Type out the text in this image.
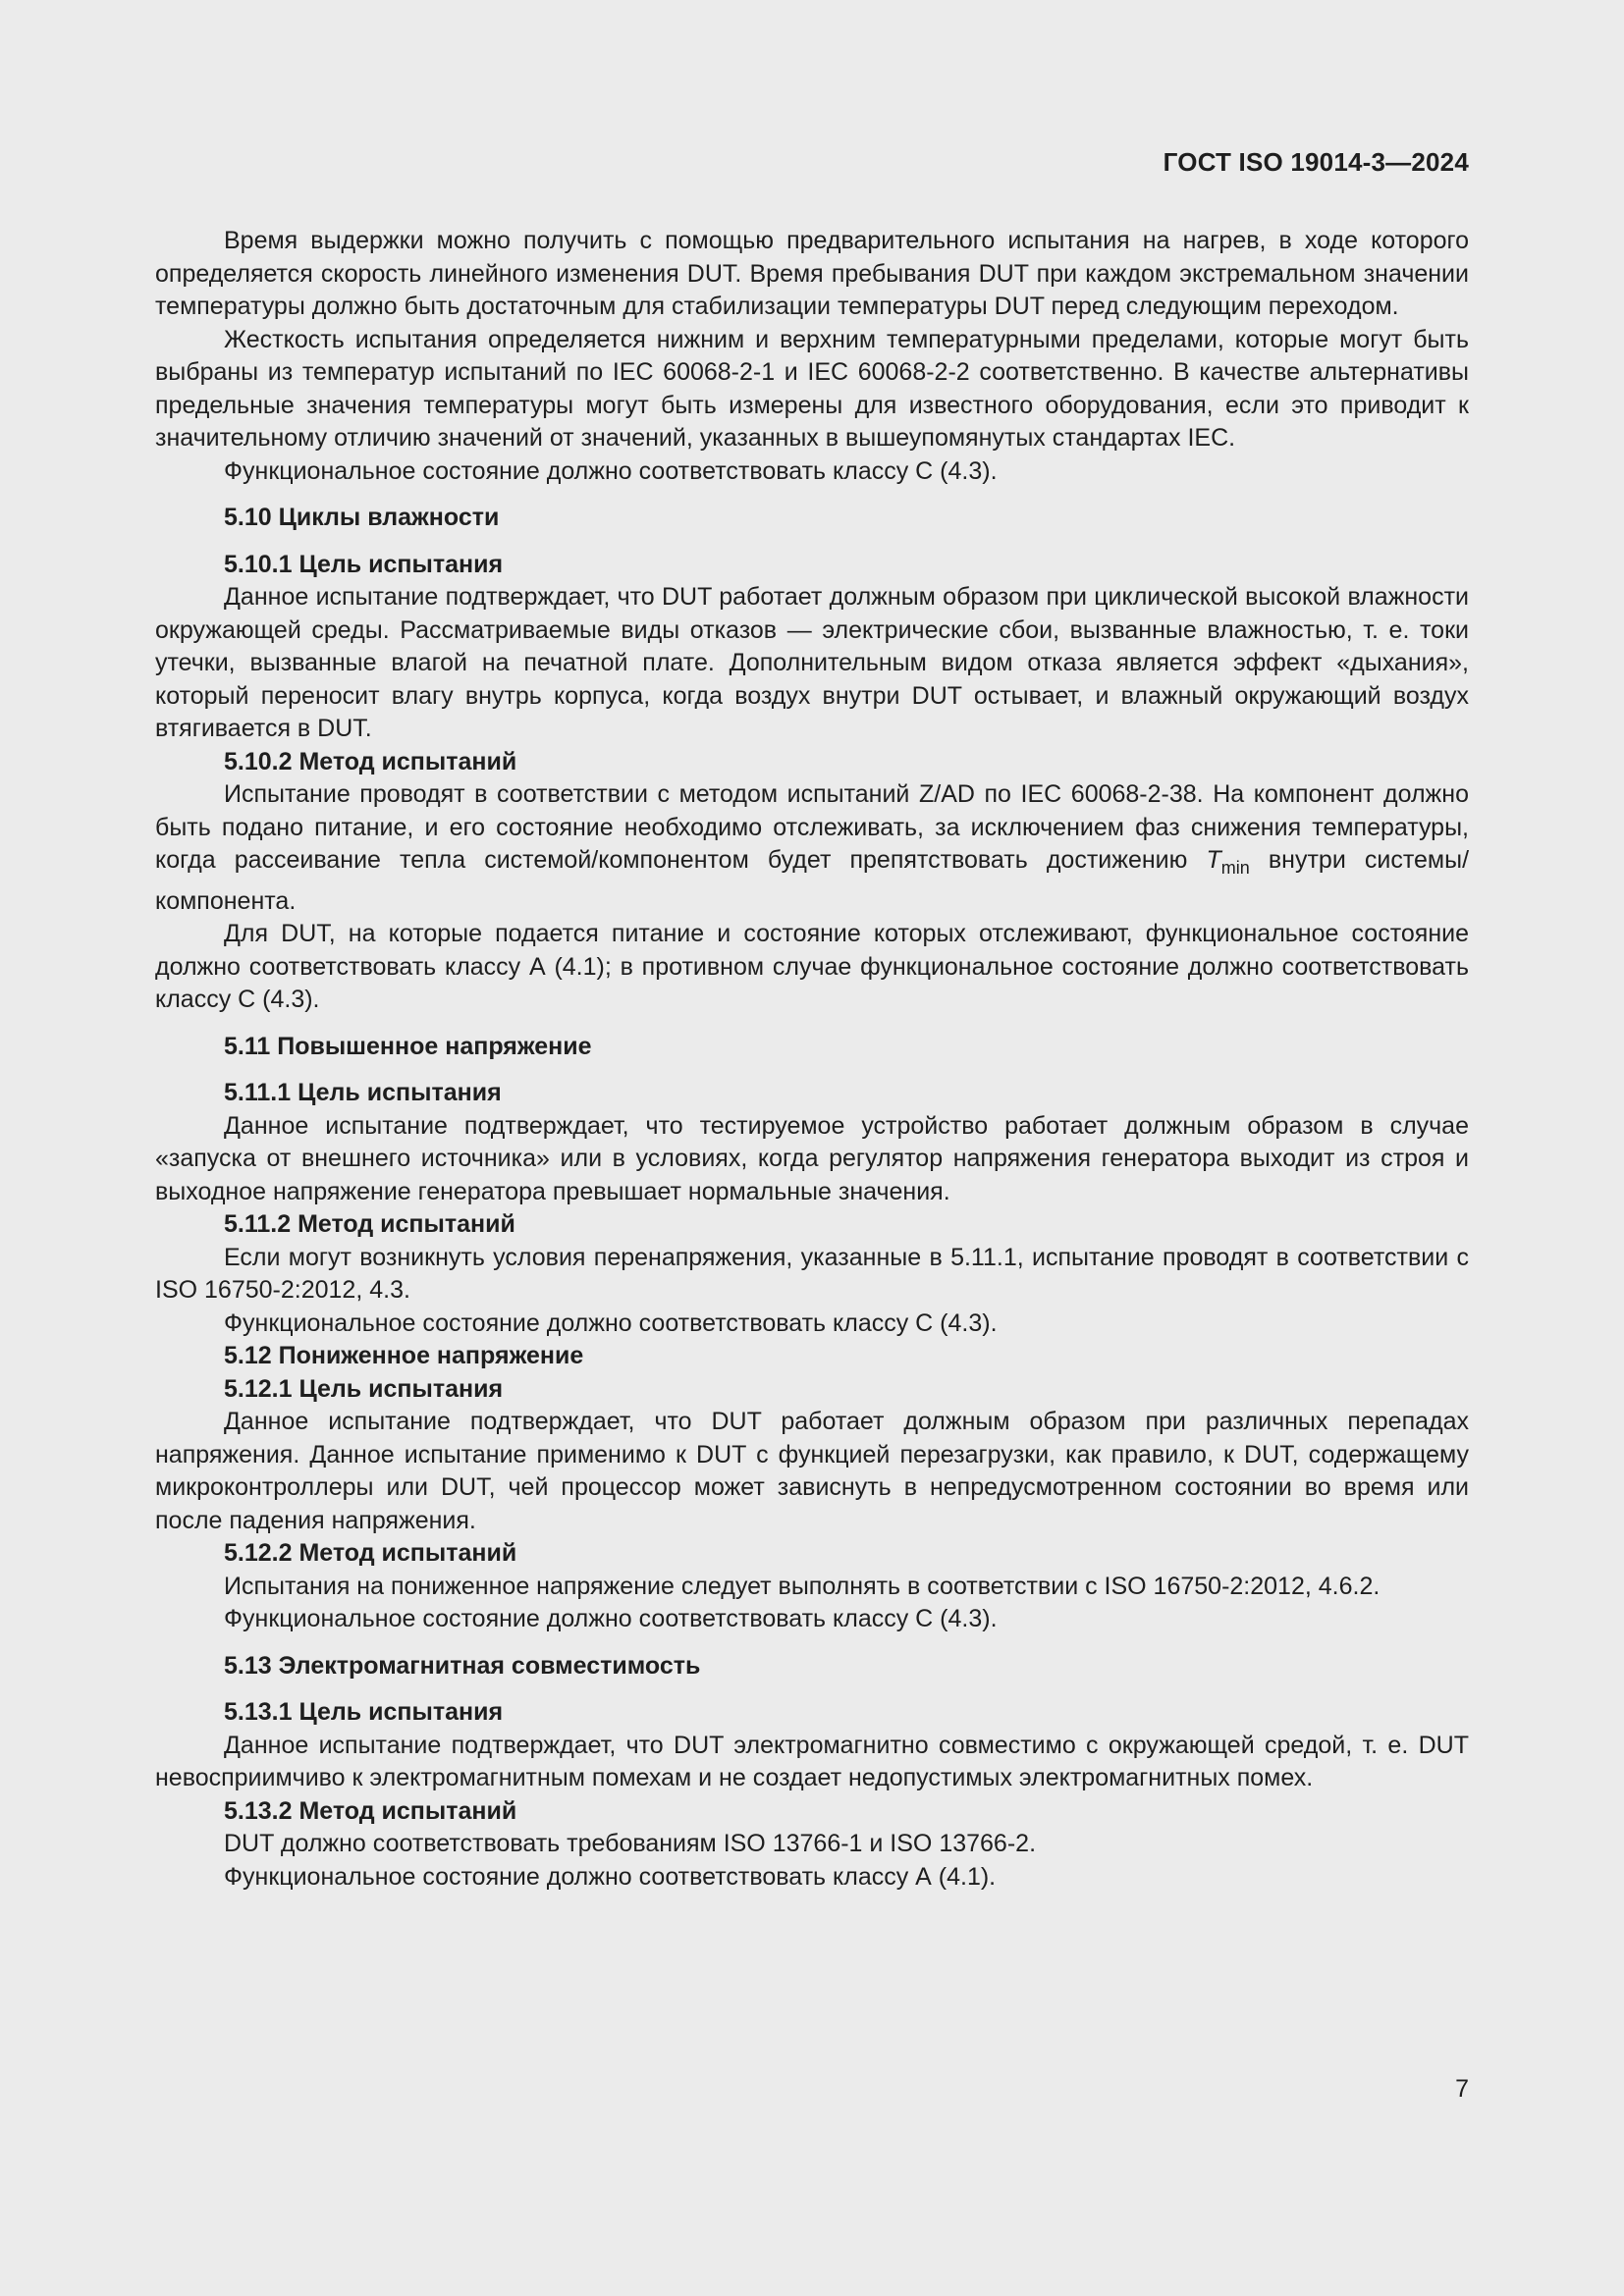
ГОСТ ISO 19014-3—2024

Время выдержки можно получить с помощью предварительного испытания на нагрев, в ходе которого определяется скорость линейного изменения DUT. Время пребывания DUT при каждом экстремальном значении температуры должно быть достаточным для стабилизации температуры DUT перед следующим переходом.

Жесткость испытания определяется нижним и верхним температурными пределами, которые могут быть выбраны из температур испытаний по IEC 60068-2-1 и IEC 60068-2-2 соответственно. В качестве альтернативы предельные значения температуры могут быть измерены для известного оборудования, если это приводит к значительному отличию значений от значений, указанных в вышеупомянутых стандартах IEC.

Функциональное состояние должно соответствовать классу С (4.3).

5.10 Циклы влажности

5.10.1 Цель испытания

Данное испытание подтверждает, что DUT работает должным образом при циклической высокой влажности окружающей среды. Рассматриваемые виды отказов — электрические сбои, вызванные влажностью, т. е. токи утечки, вызванные влагой на печатной плате. Дополнительным видом отказа является эффект «дыхания», который переносит влагу внутрь корпуса, когда воздух внутри DUT остывает, и влажный окружающий воздух втягивается в DUT.

5.10.2 Метод испытаний

Испытание проводят в соответствии с методом испытаний Z/AD по IEC 60068-2-38. На компонент должно быть подано питание, и его состояние необходимо отслеживать, за исключением фаз снижения температуры, когда рассеивание тепла системой/компонентом будет препятствовать достижению $T_{min}$ внутри системы/компонента.

Для DUT, на которые подается питание и состояние которых отслеживают, функциональное состояние должно соответствовать классу А (4.1); в противном случае функциональное состояние должно соответствовать классу С (4.3).

5.11 Повышенное напряжение

5.11.1 Цель испытания

Данное испытание подтверждает, что тестируемое устройство работает должным образом в случае «запуска от внешнего источника» или в условиях, когда регулятор напряжения генератора выходит из строя и выходное напряжение генератора превышает нормальные значения.

5.11.2 Метод испытаний

Если могут возникнуть условия перенапряжения, указанные в 5.11.1, испытание проводят в соответствии с ISO 16750-2:2012, 4.3.

Функциональное состояние должно соответствовать классу С (4.3).

5.12 Пониженное напряжение

5.12.1 Цель испытания

Данное испытание подтверждает, что DUT работает должным образом при различных перепадах напряжения. Данное испытание применимо к DUT с функцией перезагрузки, как правило, к DUT, содержащему микроконтроллеры или DUT, чей процессор может зависнуть в непредусмотренном состоянии во время или после падения напряжения.

5.12.2 Метод испытаний

Испытания на пониженное напряжение следует выполнять в соответствии с ISO 16750-2:2012, 4.6.2.

Функциональное состояние должно соответствовать классу С (4.3).

5.13 Электромагнитная совместимость

5.13.1 Цель испытания

Данное испытание подтверждает, что DUT электромагнитно совместимо с окружающей средой, т. е. DUT невосприимчиво к электромагнитным помехам и не создает недопустимых электромагнитных помех.

5.13.2 Метод испытаний

DUT должно соответствовать требованиям ISO 13766-1 и ISO 13766-2.

Функциональное состояние должно соответствовать классу А (4.1).

7
